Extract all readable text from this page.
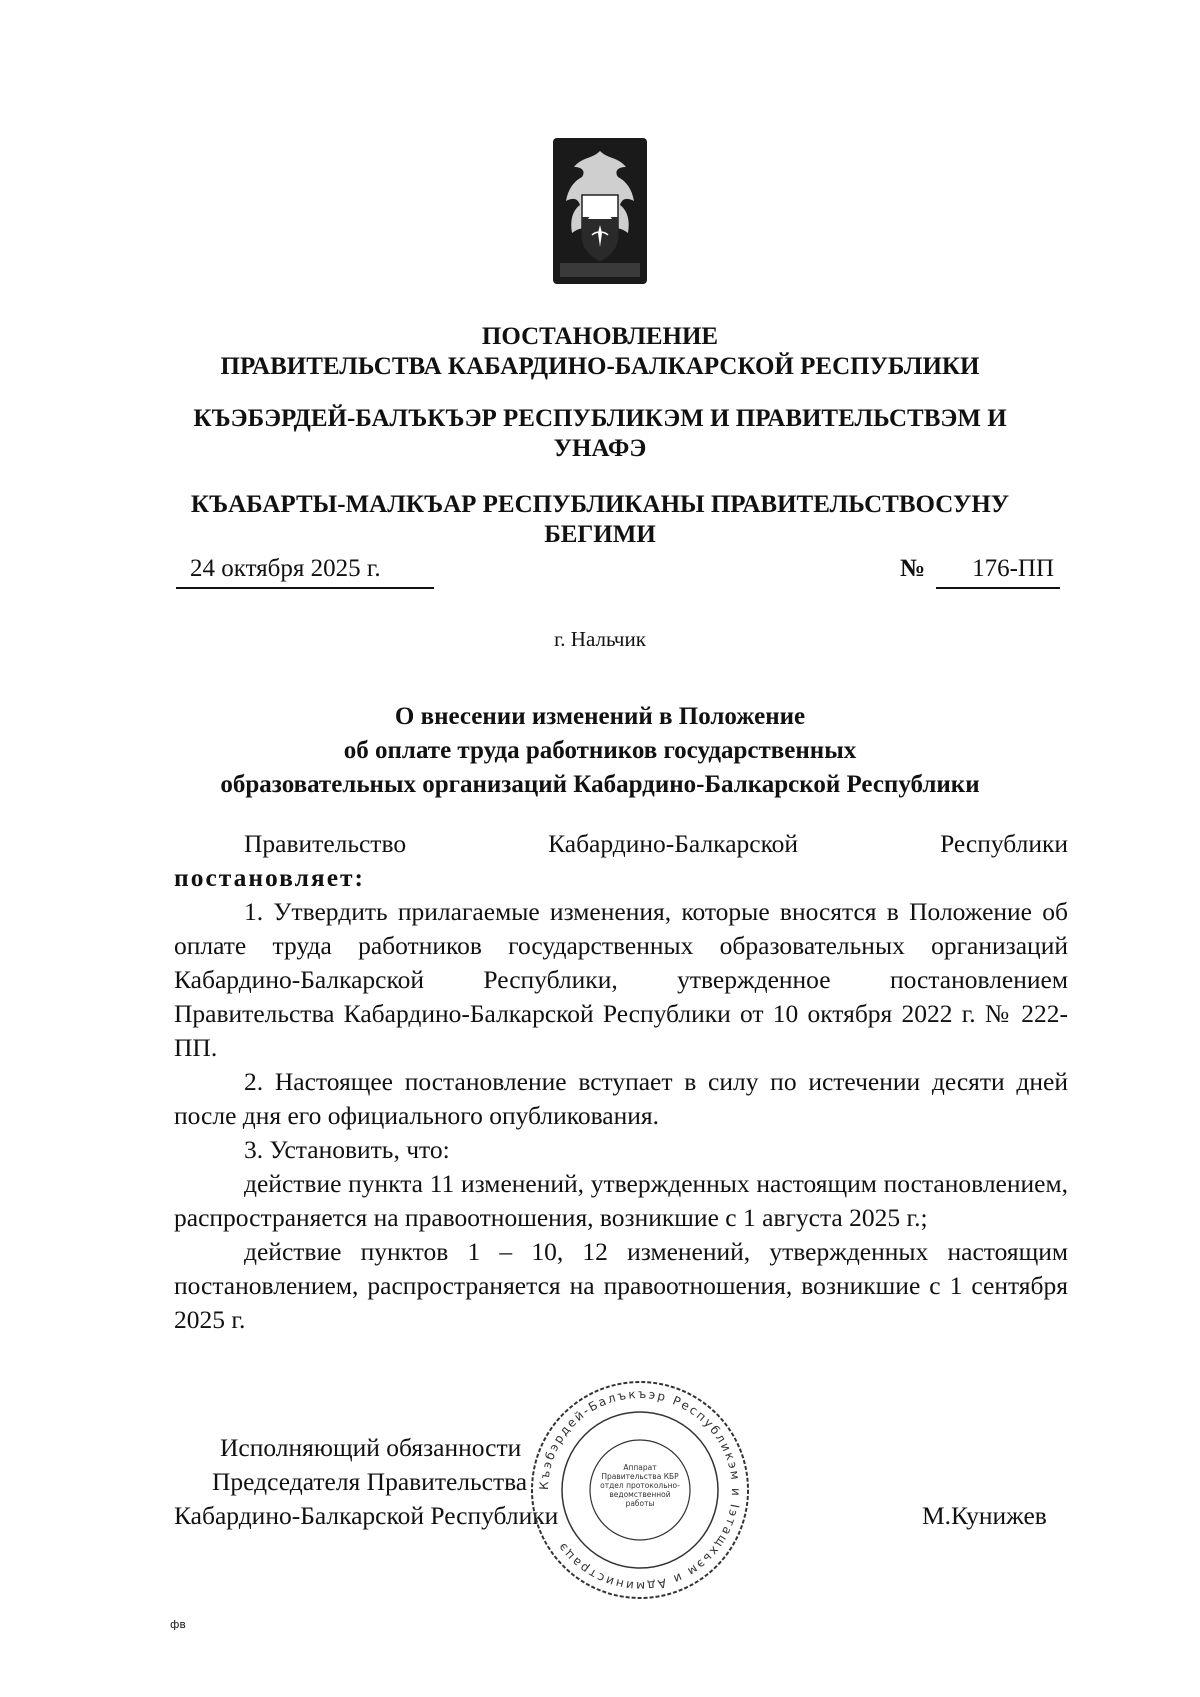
ПОСТАНОВЛЕНИЕ
ПРАВИТЕЛЬСТВА КАБАРДИНО-БАЛКАРСКОЙ РЕСПУБЛИКИ
КЪЭБЭРДЕЙ-БАЛЪКЪЭР РЕСПУБЛИКЭМ И ПРАВИТЕЛЬСТВЭМ И
УНАФЭ
КЪАБАРТЫ-МАЛКЪАР РЕСПУБЛИКАНЫ ПРАВИТЕЛЬСТВОСУНУ
БЕГИМИ
24 октября 2025 г.	№	176-ПП
г. Нальчик
О внесении изменений в Положение
об оплате труда работников государственных
образовательных организаций Кабардино-Балкарской Республики

Правительство Кабардино-Балкарской Республики

постановляет:

1. Утвердить прилагаемые изменения, которые вносятся в Положение об оплате труда работников государственных образовательных организаций Кабардино-Балкарской Республики, утвержденное постановлением Правительства Кабардино-Балкарской Республики от 10 октября 2022 г. № 222-ПП.

2. Настоящее постановление вступает в силу по истечении десяти дней после дня его официального опубликования.

3. Установить, что:

действие пункта 11 изменений, утвержденных настоящим постановлением, распространяется на правоотношения, возникшие с 1 августа 2025 г.;

действие пунктов 1 – 10, 12 изменений, утвержденных настоящим постановлением, распространяется на правоотношения, возникшие с 1 сентября 2025 г.

Исполняющий обязанности
Председателя Правительства
Кабардино-Балкарской Республики	М.Кунижев
Къэбэрдей-Балъкъэр Республикэм и Iэтащхьэм и Администрацэ
Аппарат Правительства КБР отдел протокольно-ведомственной работы
фв
